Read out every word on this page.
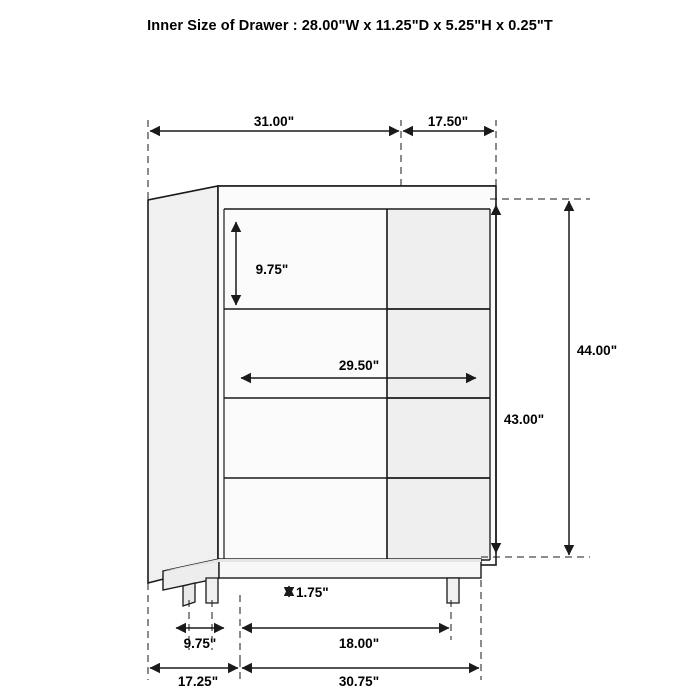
Inner Size of Drawer : 28.00"W x 11.25"D x 5.25"H x 0.25"T
31.00"	17.50"
9.75"
29.50"
43.00"
44.00"
1.75"
9.75"	18.00"
17.25"	30.75"
